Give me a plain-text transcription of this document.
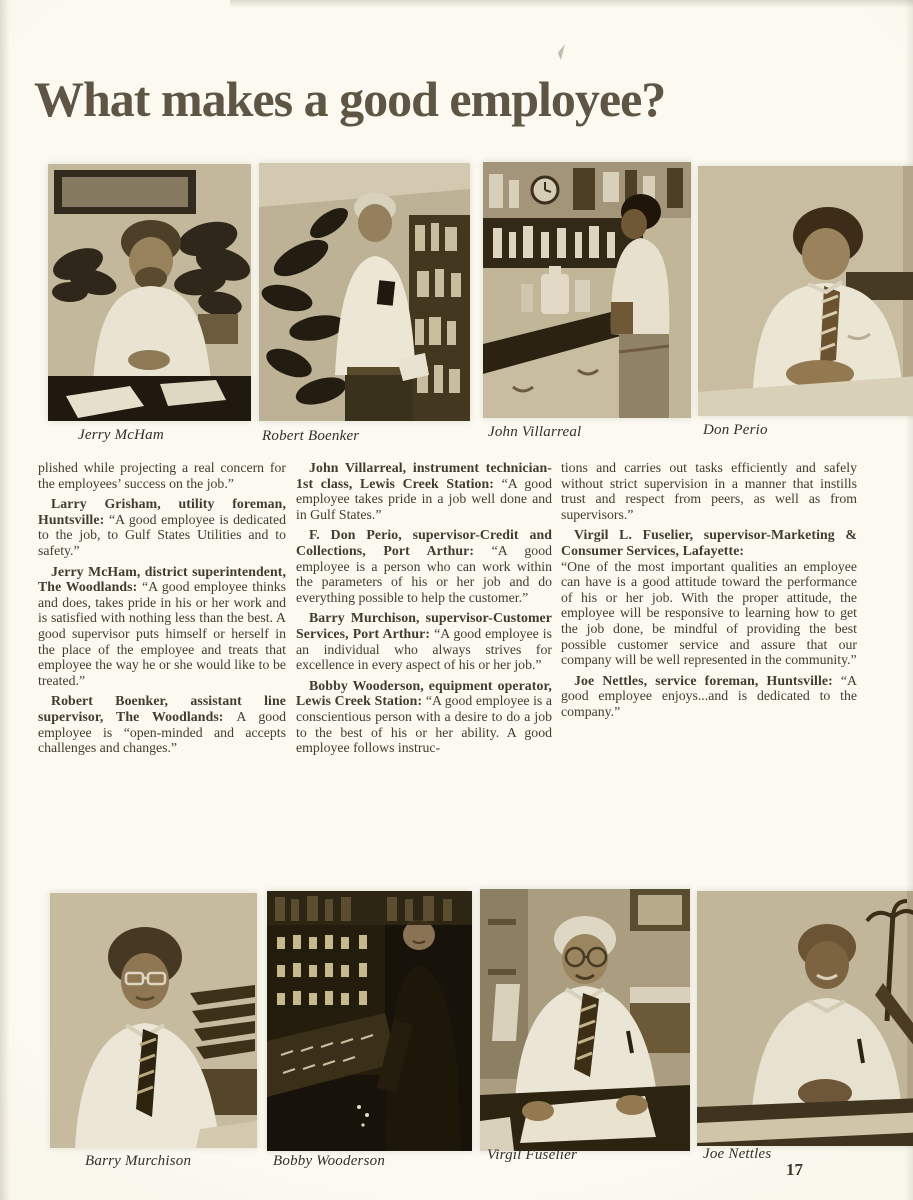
What makes a good employee?
Jerry McHam	Robert Boenker	John Villarreal	Don Perio

plished while projecting a real concern for the employees’ success on the job.”

Larry Grisham, utility foreman, Huntsville: “A good employee is dedicated to the job, to Gulf States Utilities and to safety.”

Jerry McHam, district superintendent, The Woodlands: “A good employee thinks and does, takes pride in his or her work and is satisfied with nothing less than the best. A good supervisor puts himself or herself in the place of the employee and treats that employee the way he or she would like to be treated.”

Robert Boenker, assistant line supervisor, The Woodlands: A good employee is “open-minded and accepts challenges and changes.”

John Villarreal, instrument technician-1st class, Lewis Creek Station: “A good employee takes pride in a job well done and in Gulf States.”

F. Don Perio, supervisor-Credit and Collections, Port Arthur: “A good employee is a person who can work within the parameters of his or her job and do everything possible to help the customer.”

Barry Murchison, supervisor-Customer Services, Port Arthur: “A good employee is an individual who always strives for excellence in every aspect of his or her job.”

Bobby Wooderson, equipment operator, Lewis Creek Station: “A good employee is a conscientious person with a desire to do a job to the best of his or her ability. A good employee follows instruc-

tions and carries out tasks efficiently and safely without strict supervision in a manner that instills trust and respect from peers, as well as from supervisors.”

Virgil L. Fuselier, supervisor-Marketing & Consumer Services, Lafayette:
“One of the most important qualities an employee can have is a good attitude toward the performance of his or her job. With the proper attitude, the employee will be responsive to learning how to get the job done, be mindful of providing the best possible customer service and assure that our company will be well represented in the community.”

Joe Nettles, service foreman, Huntsville: “A good employee enjoys...and is dedicated to the company.”

Barry Murchison	Bobby Wooderson	Virgil Fuselier	Joe Nettles
17
